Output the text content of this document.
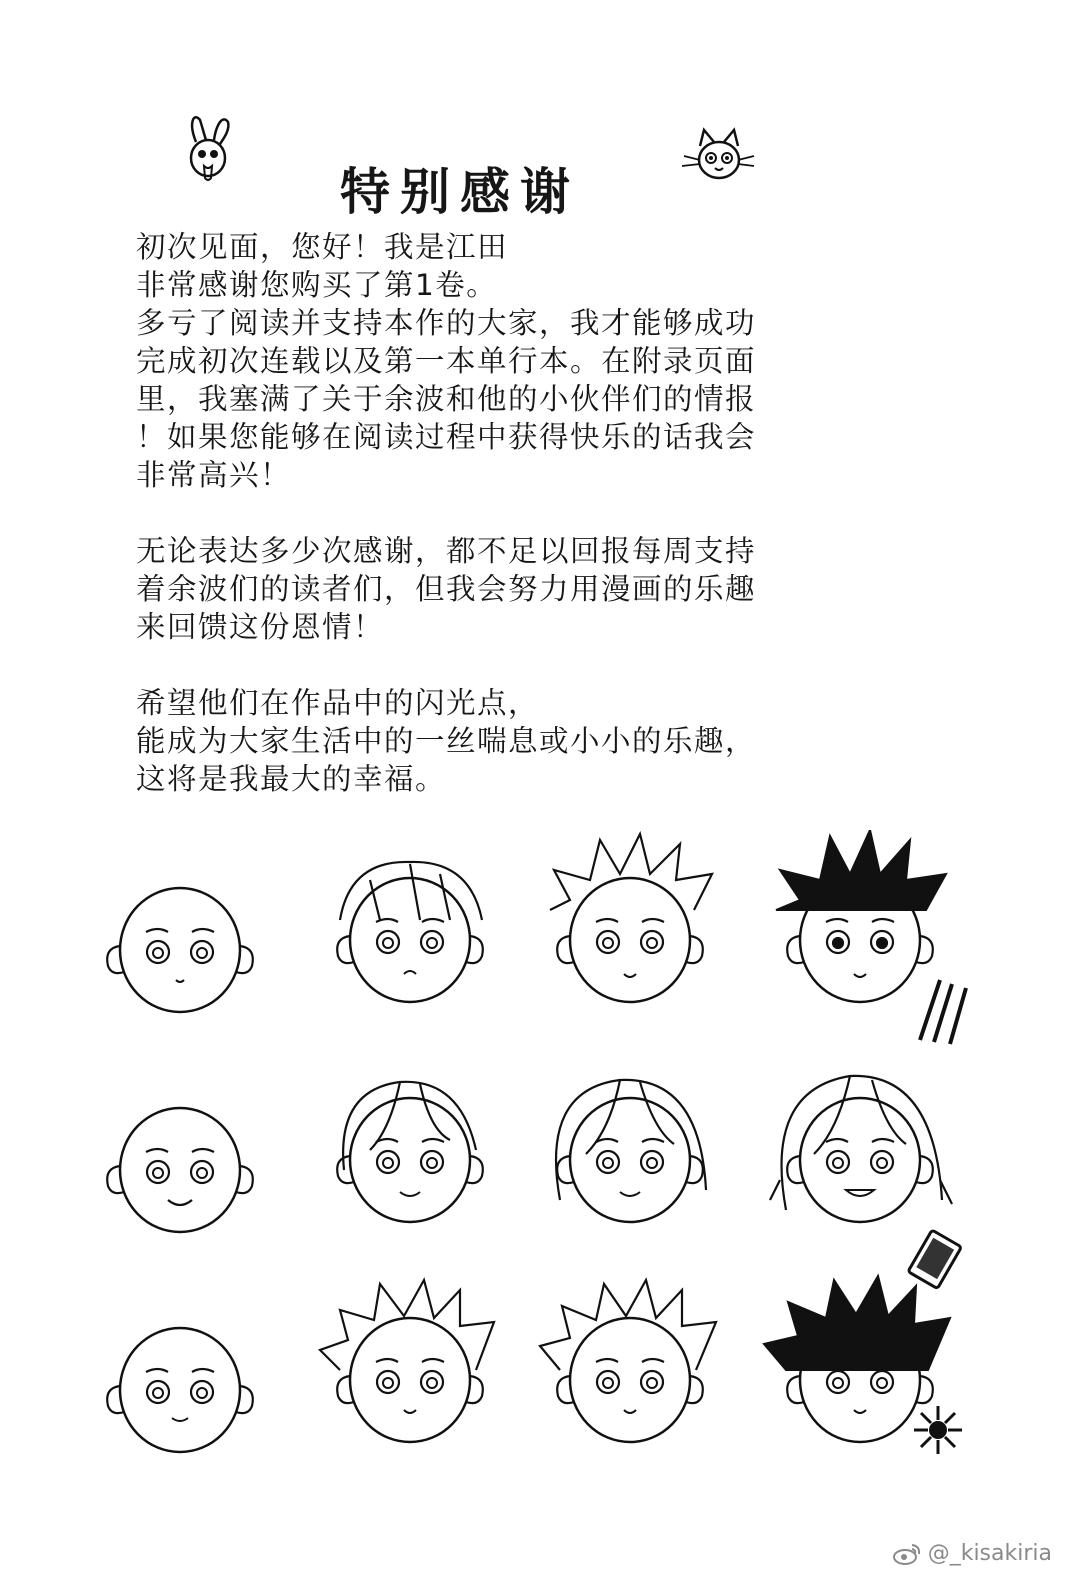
特别感谢
初次见面，您好！我是江田
非常感谢您购买了第1卷。
多亏了阅读并支持本作的大家，我才能够成功
完成初次连载以及第一本单行本。在附录页面
里，我塞满了关于余波和他的小伙伴们的情报
！如果您能够在阅读过程中获得快乐的话我会
非常高兴！
无论表达多少次感谢，都不足以回报每周支持
着余波们的读者们，但我会努力用漫画的乐趣
来回馈这份恩情！
希望他们在作品中的闪光点，
能成为大家生活中的一丝喘息或小小的乐趣，
这将是我最大的幸福。
@_kisakiria
